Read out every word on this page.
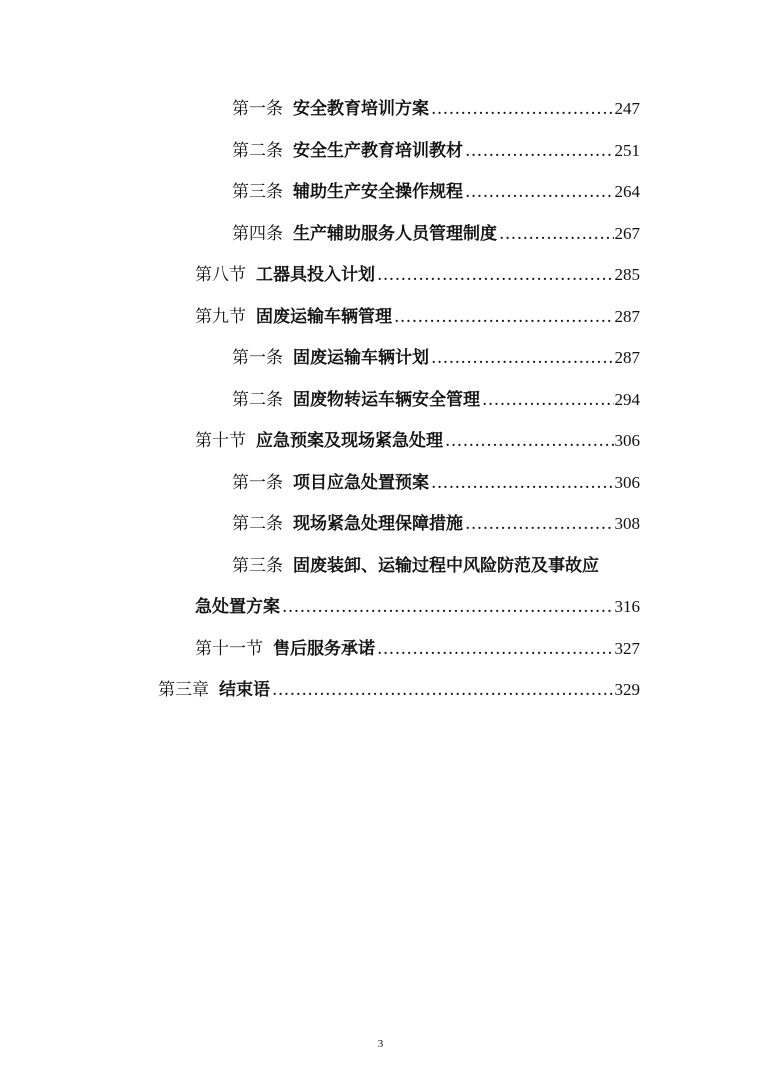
第一条 安全教育培训方案 .....	247
第二条 安全生产教育培训教材 .....	251
第三条 辅助生产安全操作规程 .....	264
第四条 生产辅助服务人员管理制度 .....	267
第八节 工器具投入计划 .....	285
第九节 固废运输车辆管理 .....	287
第一条 固废运输车辆计划 .....	287
第二条 固废物转运车辆安全管理 .....	294
第十节 应急预案及现场紧急处理 .....	306
第一条 项目应急处置预案 .....	306
第二条 现场紧急处理保障措施 .....	308
第三条 固废装卸、运输过程中风险防范及事故应
急处置方案 .....	316
第十一节 售后服务承诺 .....	327
第三章 结束语 .....	329
3
